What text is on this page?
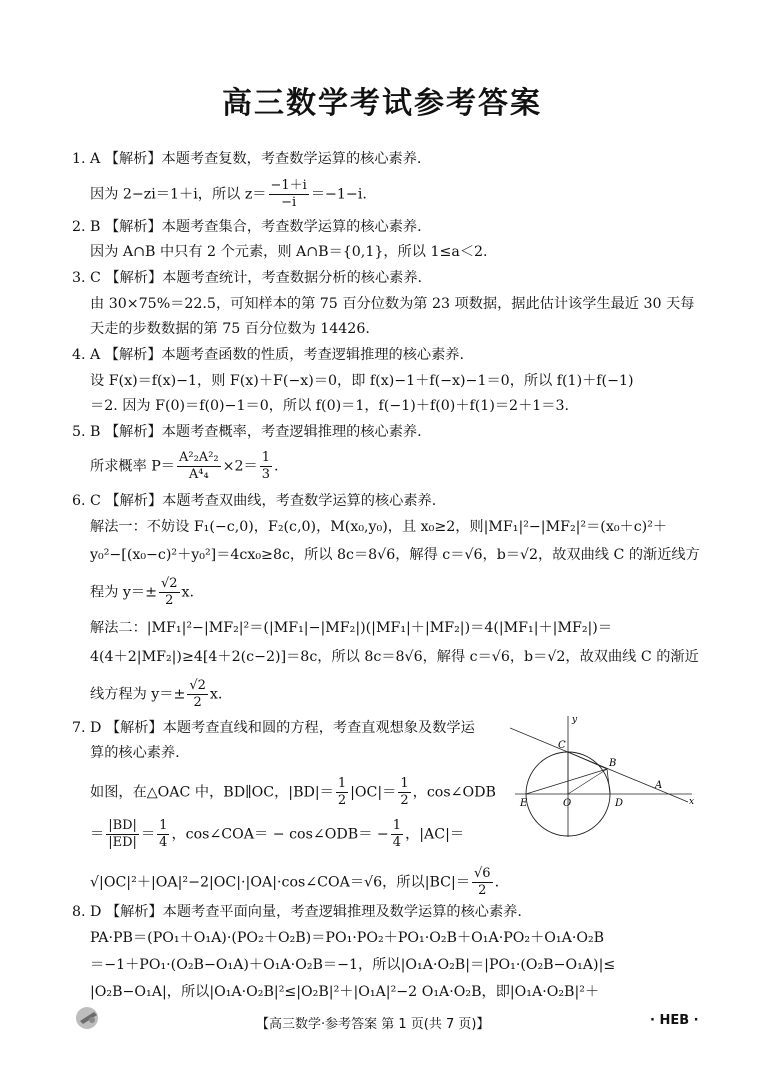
高三数学考试参考答案
1. A 【解析】本题考查复数，考查数学运算的核心素养.
因为 2−zi＝1＋i，所以 $z= \frac{-1+i}{-i} =-1-i$.
2. B 【解析】本题考查集合，考查数学运算的核心素养.
因为 A∩B 中只有 2 个元素，则 A∩B＝{0,1}，所以 1≤a＜2.
3. C 【解析】本题考查统计，考查数据分析的核心素养.
由 30×75%＝22.5，可知样本的第 75 百分位数为第 23 项数据，据此估计该学生最近 30 天每
天走的步数数据的第 75 百分位数为 14426.
4. A 【解析】本题考查函数的性质，考查逻辑推理的核心素养.
设 F(x)＝f(x)−1，则 F(x)＋F(−x)＝0，即 f(x)−1＋f(−x)−1＝0，所以 f(1)＋f(−1)
＝2. 因为 F(0)＝f(0)−1＝0，所以 f(0)＝1，f(−1)＋f(0)＋f(1)＝2＋1＝3.
5. B 【解析】本题考查概率，考查逻辑推理的核心素养.
所求概率 $P= \frac{\text{A²₂A²₂}}{\text{A⁴₄}} \times 2= \frac{1}{3}$ .
6. C 【解析】本题考查双曲线，考查数学运算的核心素养.
解法一：不妨设 F₁(−c,0)，F₂(c,0)，M(x₀,y₀)，且 x₀≥2，则|MF₁|²−|MF₂|²＝(x₀＋c)²＋
y₀²−[(x₀−c)²＋y₀²]＝4cx₀≥8c，所以 8c＝8√6，解得 c＝√6，b＝√2，故双曲线 C 的渐近线方
程为 $y=\pm \frac{√2}{2} x$.
解法二：|MF₁|²−|MF₂|²＝(|MF₁|−|MF₂|)(|MF₁|＋|MF₂|)＝4(|MF₁|＋|MF₂|)＝
4(4＋2|MF₂|)≥4[4＋2(c−2)]＝8c，所以 8c＝8√6，解得 c＝√6，b＝√2，故双曲线 C 的渐近
线方程为 $y=\pm \frac{√2}{2} x$.
7. D 【解析】本题考查直线和圆的方程，考查直观想象及数学运
算的核心素养.
如图，在△OAC 中，BD∥OC，$|BD|= \frac{1}{2} |OC|= \frac{1}{2}$ ，cos∠ODB
＝ $\frac{|BD|}{|ED|} = \frac{1}{4}$ ，cos∠COA＝ − cos∠ODB＝ − $\frac{1}{4}$ ，|AC|＝
√|OC|²＋|OA|²−2|OC|·|OA|·cos∠COA＝√6，所以$|BC|= \frac{√6}{2}$ .
y
x
C
B
A
E	O	D
8. D 【解析】本题考查平面向量，考查逻辑推理及数学运算的核心素养.
PA·PB＝(PO₁＋O₁A)·(PO₂＋O₂B)＝PO₁·PO₂＋PO₁·O₂B＋O₁A·PO₂＋O₁A·O₂B
＝−1＋PO₁·(O₂B−O₁A)＋O₁A·O₂B＝−1，所以|O₁A·O₂B|＝|PO₁·(O₂B−O₁A)|≤
|O₂B−O₁A|，所以|O₁A·O₂B|²≤|O₂B|²＋|O₁A|²−2 O₁A·O₂B，即|O₁A·O₂B|²＋
【高三数学·参考答案 第 1 页(共 7 页)】	· HEB ·
